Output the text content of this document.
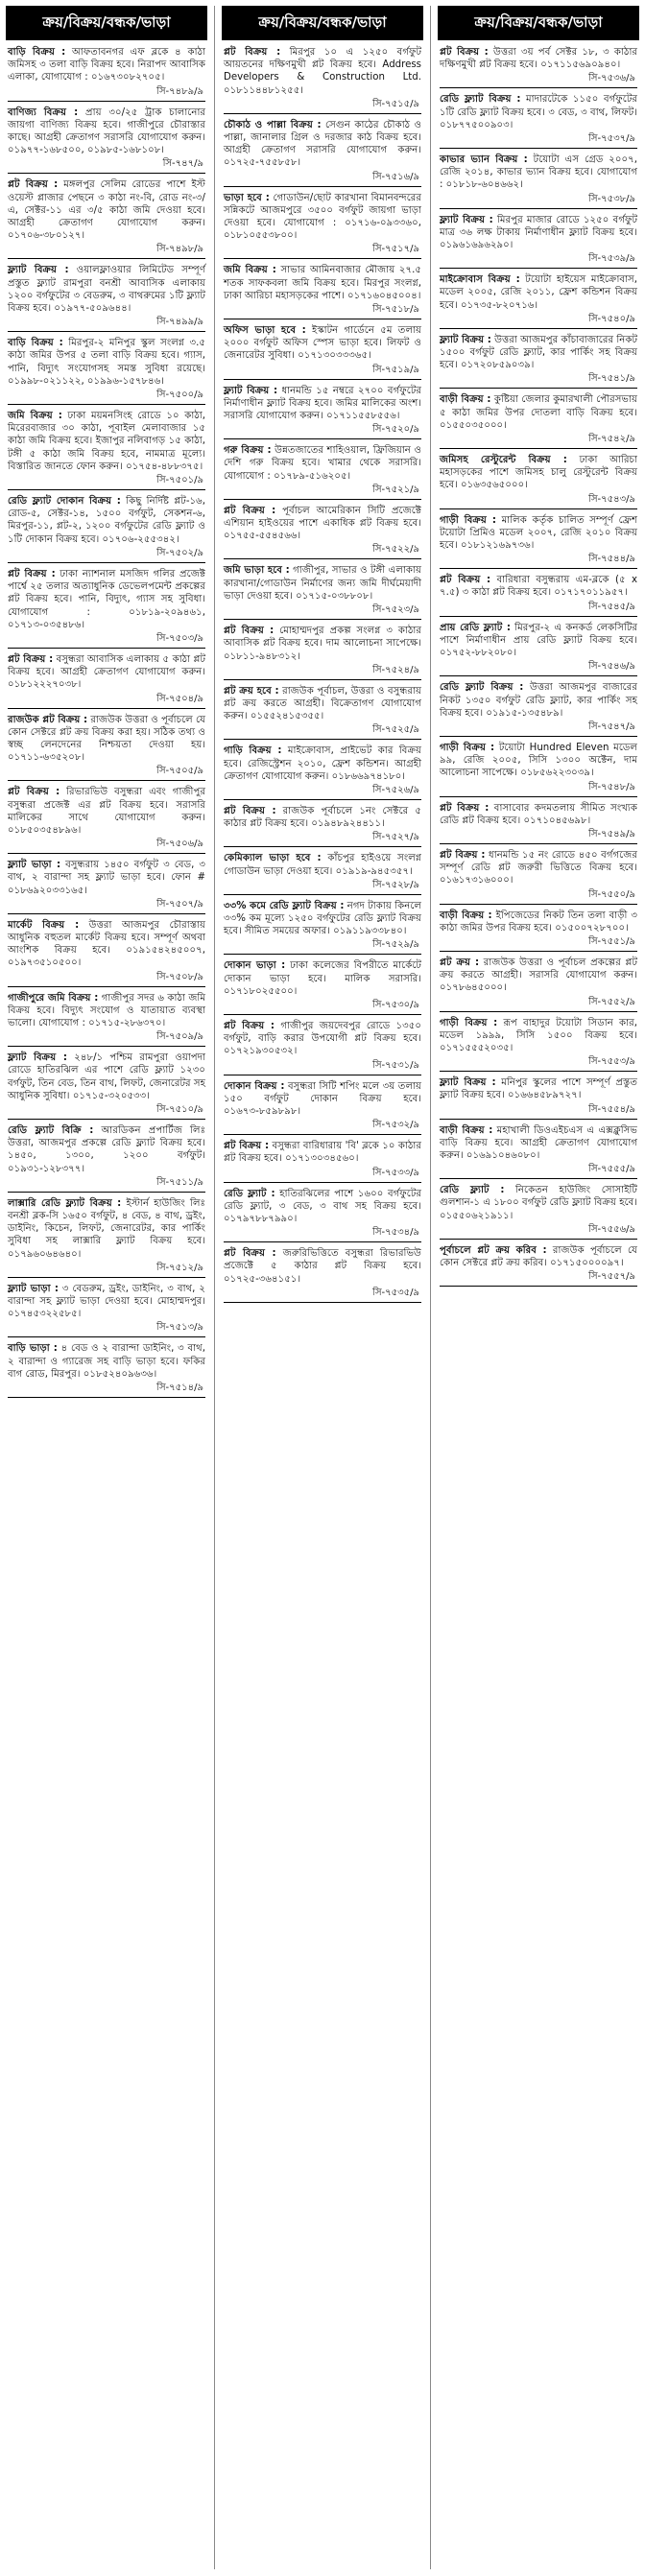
ক্রয়/বিক্রয়/বন্ধক/ভাড়া
বাড়ি বিক্রয় : আফতাবনগর এফ ব্লকে ৪ কাঠা জমিসহ ৩ তলা বাড়ি বিক্রয় হবে। নিরাপদ আবাসিক এলাকা, যোগাযোগ : ০১৬৭৩০৮২৭০৫।
সি-৭৪৮৯/৯
বাণিজ্য বিক্রয় : প্রায় ৩০/২৫ ট্রাক চালানোর জায়গা বাণিজ্য বিক্রয় হবে। গাজীপুরে চৌরাস্তার কাছে। আগ্রহী ক্রেতাগণ সরাসরি যোগাযোগ করুন। ০১৯৭৭-১৬৮৫০০, ০১৯৮৫-১৬৮১০৮।
সি-৭৪৭/৯
প্লট বিক্রয় : মঙ্গলপুর সেলিম রোডের পাশে ইস্ট ওয়েস্ট প্লাজার পেছনে ৩ কাঠা নং-বি, রোড নং-৩/এ, সেক্টর-১১ এর ৩/৫ কাঠা জমি দেওয়া হবে। আগ্রহী ক্রেতাগণ যোগাযোগ করুন। ০১৭০৬-৩৮০১২৭।
সি-৭৪৯৮/৯
ফ্ল্যাট বিক্রয় : ওয়ালফ্লাওয়ার লিমিটেড সম্পূর্ণ প্রস্তুত ফ্ল্যাট রামপুরা বনশ্রী আবাসিক এলাকায় ১২০০ বর্গফুটের ৩ বেডরুম, ৩ বাথরুমের ১টি ফ্ল্যাট বিক্রয় হবে। ০১৯৭৭-৫০৯৬৪৪।
সি-৭৪৯৯/৯
বাড়ি বিক্রয় : মিরপুর-২ মনিপুর স্কুল সংলগ্ন ৩.৫ কাঠা জমির উপর ৫ তলা বাড়ি বিক্রয় হবে। গ্যাস, পানি, বিদ্যুৎ সংযোগসহ সমস্ত সুবিধা রয়েছে। ০১৯৯৮-০২১১২২, ০১৯৯৬-১৫৭৮৪৬।
সি-৭৫০০/৯
জমি বিক্রয় : ঢাকা ময়মনসিংহ রোডে ১০ কাঠা, মিরেরবাজার ৩০ কাঠা, পূবাইল মেলাবাজার ১৫ কাঠা জমি বিক্রয় হবে। ইজাপুর নলিবাগড় ১৫ কাঠা, টঙ্গী ৫ কাঠা জমি বিক্রয় হবে, নামমাত্র মূল্যে। বিস্তারিত জানতে ফোন করুন। ০১৭৫৪-৪৮৮৩৭৫।
সি-৭৫০১/৯
রেডি ফ্ল্যাট দোকান বিক্রয় : কিছু নির্দিষ্ট প্লট-১৬, রোড-৫, সেক্টর-১৪, ১৫০০ বর্গফুট, সেকশন-৬, মিরপুর-১১, প্লট-২, ১২০০ বর্গফুটের রেডি ফ্ল্যাট ও ১টি দোকান বিক্রয় হবে। ০১৭০৬-২৫৫৩৪২।
সি-৭৫০২/৯
প্লট বিক্রয় : ঢাকা ন্যাশনাল মসজিদ গলির প্রজেক্ট পার্শ্বে ২৫ তলার অত্যাধুনিক ডেভেলপমেন্ট প্রকল্পের প্লট বিক্রয় হবে। পানি, বিদ্যুৎ, গ্যাস সহ সুবিধা। যোগাযোগ : ০১৮১৯-২০৯৪৬১, ০১৭১৩-০৩৫৪৮৬।
সি-৭৫০৩/৯
প্লট বিক্রয় : বসুন্ধরা আবাসিক এলাকায় ৫ কাঠা প্লট বিক্রয় হবে। আগ্রহী ক্রেতাগণ যোগাযোগ করুন। ০১৮১২২২৭০৩৮।
সি-৭৫০৪/৯
রাজউক প্লট বিক্রয় : রাজউক উত্তরা ও পূর্বাচলে যে কোন সেক্টরে প্লট ক্রয় বিক্রয় করা হয়। সঠিক তথ্য ও স্বচ্ছ লেনদেনের নিশ্চয়তা দেওয়া হয়। ০১৭১১-৬৩৫২০৮।
সি-৭৫০৫/৯
প্লট বিক্রয় : রিভারভিউ বসুন্ধরা এবং গাজীপুর বসুন্ধরা প্রজেক্ট এর প্লট বিক্রয় হবে। সরাসরি মালিকের সাথে যোগাযোগ করুন। ০১৮৫০৩৫৪৮৯৬।
সি-৭৫০৬/৯
ফ্ল্যাট ভাড়া : বসুন্ধরায় ১৪৫০ বর্গফুট ৩ বেড, ৩ বাথ, ২ বারান্দা সহ ফ্ল্যাট ভাড়া হবে। ফোন # ০১৮৬৯২০৩৩১৬৫।
সি-৭৫০৭/৯
মার্কেট বিক্রয় : উত্তরা আজমপুর চৌরাস্তায় আধুনিক বহুতল মার্কেট বিক্রয় হবে। সম্পূর্ণ অথবা আংশিক বিক্রয় হবে। ০১৯১৫৪২৪৫০০৭, ০১৯৭৩৫১০৫০০।
সি-৭৫০৮/৯
গাজীপুরে জমি বিক্রয় : গাজীপুর সদর ৬ কাঠা জমি বিক্রয় হবে। বিদ্যুৎ সংযোগ ও যাতায়াত ব্যবস্থা ভালো। যোগাযোগ : ০১৭১৫-২৮৬৩৭০।
সি-৭৫০৯/৯
ফ্ল্যাট বিক্রয় : ২৪৮/১ পশ্চিম রামপুরা ওয়াপদা রোডে হাতিরঝিল এর পাশে রেডি ফ্ল্যাট ১২৩০ বর্গফুট, তিন বেড, তিন বাথ, লিফট, জেনারেটর সহ আধুনিক সুবিধা। ০১৭১৫-৩২০৫৩৩।
সি-৭৫১০/৯
রেডি ফ্ল্যাট বিক্রি : আরডিকন প্রপার্টিজ লিঃ উত্তরা, আজমপুর প্রকল্পে রেডি ফ্ল্যাট বিক্রয় হবে। ১৪৫০, ১৩০০, ১২০০ বর্গফুট। ০১৯৩১-১২৮৩৭৭।
সি-৭৫১১/৯
লাক্সারি রেডি ফ্ল্যাট বিক্রয় : ইস্টার্ন হাউজিং লিঃ বনশ্রী ব্লক-সি ১৬৫০ বর্গফুট, ৪ বেড, ৪ বাথ, ড্রইং, ডাইনিং, কিচেন, লিফট, জেনারেটর, কার পার্কিং সুবিধা সহ লাক্সারি ফ্ল্যাট বিক্রয় হবে। ০১৭৯৬০৬৪৬৪০।
সি-৭৫১২/৯
ফ্ল্যাট ভাড়া : ৩ বেডরুম, ড্রইং, ডাইনিং, ৩ বাথ, ২ বারান্দা সহ ফ্ল্যাট ভাড়া দেওয়া হবে। মোহাম্মদপুর। ০১৭৪৫৩২২৫৮৫।
সি-৭৫১৩/৯
বাড়ি ভাড়া : ৪ বেড ও ২ বারান্দা ডাইনিং, ৩ বাথ, ২ বারান্দা ও গ্যারেজ সহ বাড়ি ভাড়া হবে। ফকির বাগ রোড, মিরপুর। ০১৮৫২৪০৯৬৩৬।
সি-৭৫১৪/৯
ক্রয়/বিক্রয়/বন্ধক/ভাড়া
প্লট বিক্রয় : মিরপুর ১০ এ ১২৫০ বর্গফুট আয়তনের দক্ষিণমুখী প্লট বিক্রয় হবে। Address Developers & Construction Ltd. ০১৮১১৪৪৮১২৫৫।
সি-৭৫১৫/৯
চৌকাঠ ও পাল্লা বিক্রয় : সেগুন কাঠের চৌকাঠ ও পাল্লা, জানালার গ্রিল ও দরজার কাঠ বিক্রয় হবে। আগ্রহী ক্রেতাগণ সরাসরি যোগাযোগ করুন। ০১৭২৫-৭৫৫৮৫৮।
সি-৭৫১৬/৯
ভাড়া হবে : গোডাউন/ছোট কারখানা বিমানবন্দরের সন্নিকটে আজমপুরে ৩৫০০ বর্গফুট জায়গা ভাড়া দেওয়া হবে। যোগাযোগ : ০১৭১৬-০৯৩৩৬০, ০১৮১০৫৫৩৮০০।
সি-৭৫১৭/৯
জমি বিক্রয় : সাভার আমিনবাজার মৌজায় ২৭.৫ শতক সাফকবলা জমি বিক্রয় হবে। মিরপুর সংলগ্ন, ঢাকা আরিচা মহাসড়কের পাশে। ০১৭১৬০৪৫০০৪।
সি-৭৫১৮/৯
অফিস ভাড়া হবে : ইস্কাটন গার্ডেনে ৫ম তলায় ২০০০ বর্গফুট অফিস স্পেস ভাড়া হবে। লিফট ও জেনারেটর সুবিধা। ০১৭১৩০৩৩৩৬৫।
সি-৭৫১৯/৯
ফ্ল্যাট বিক্রয় : ধানমন্ডি ১৫ নম্বরে ২৭০০ বর্গফুটের নির্মাণাধীন ফ্ল্যাট বিক্রয় হবে। জমির মালিকের অংশ। সরাসরি যোগাযোগ করুন। ০১৭১১৫৫৮৫৫৬।
সি-৭৫২০/৯
গরু বিক্রয় : উন্নতজাতের শাহিওয়াল, ফ্রিজিয়ান ও দেশি গরু বিক্রয় হবে। খামার থেকে সরাসরি। যোগাযোগ : ০১৭৮৯-৫১৬২০৫।
সি-৭৫২১/৯
প্লট বিক্রয় : পূর্বাচল আমেরিকান সিটি প্রজেক্টে এশিয়ান হাইওয়ের পাশে একাধিক প্লট বিক্রয় হবে। ০১৭৫৫-৫৫৪৫৬৬।
সি-৭৫২২/৯
জমি ভাড়া হবে : গাজীপুর, সাভার ও টঙ্গী এলাকায় কারখানা/গোডাউন নির্মাণের জন্য জমি দীর্ঘমেয়াদী ভাড়া দেওয়া হবে। ০১৭১৫-০৩৮৮০৮।
সি-৭৫২৩/৯
প্লট বিক্রয় : মোহাম্মদপুর প্রকল্প সংলগ্ন ৩ কাঠার আবাসিক প্লট বিক্রয় হবে। দাম আলোচনা সাপেক্ষে। ০১৮১১-৯৪৮৩১২।
সি-৭৫২৪/৯
প্লট ক্রয় হবে : রাজউক পূর্বাচল, উত্তরা ও বসুন্ধরায় প্লট ক্রয় করতে আগ্রহী। বিক্রেতাগণ যোগাযোগ করুন। ০১৫৫২৪১৫৩৫৫।
সি-৭৫২৫/৯
গাড়ি বিক্রয় : মাইক্রোবাস, প্রাইভেট কার বিক্রয় হবে। রেজিস্ট্রেশন ২০১০, ফ্রেশ কন্ডিশন। আগ্রহী ক্রেতাগণ যোগাযোগ করুন। ০১৮৬৬৯৭৪১৮০।
সি-৭৫২৬/৯
প্লট বিক্রয় : রাজউক পূর্বাচলে ১নং সেক্টরে ৫ কাঠার প্লট বিক্রয় হবে। ০১৯৪৮৯২৪৪১১।
সি-৭৫২৭/৯
কেমিক্যাল ভাড়া হবে : কাঁচপুর হাইওয়ে সংলগ্ন গোডাউন ভাড়া দেওয়া হবে। ০১৯১৯-৯৪৫৩৫৭।
সি-৭৫২৮/৯
৩৩% কমে রেডি ফ্ল্যাট বিক্রয় : নগদ টাকায় কিনলে ৩৩% কম মূল্যে ১২৫০ বর্গফুটের রেডি ফ্ল্যাট বিক্রয় হবে। সীমিত সময়ের অফার। ০১৯১১৯৩৩৮৪০।
সি-৭৫২৯/৯
দোকান ভাড়া : ঢাকা কলেজের বিপরীতে মার্কেটে দোকান ভাড়া হবে। মালিক সরাসরি। ০১৭১৮০২৫৫০০।
সি-৭৫৩০/৯
প্লট বিক্রয় : গাজীপুর জয়দেবপুর রোডে ১৩৫০ বর্গফুট, বাড়ি করার উপযোগী প্লট বিক্রয় হবে। ০১৭২১৯৩০৫৩২।
সি-৭৫৩১/৯
দোকান বিক্রয় : বসুন্ধরা সিটি শপিং মলে ৩য় তলায় ১৫০ বর্গফুট দোকান বিক্রয় হবে। ০১৬৭৩-৮৫৯৮৯৮।
সি-৭৫৩২/৯
প্লট বিক্রয় : বসুন্ধরা বারিধারায় 'বি' ব্লকে ১০ কাঠার প্লট বিক্রয় হবে। ০১৭১৩০৩৪৫৬০।
সি-৭৫৩৩/৯
রেডি ফ্ল্যাট : হাতিরঝিলের পাশে ১৬০০ বর্গফুটের রেডি ফ্ল্যাট, ৩ বেড, ৩ বাথ সহ বিক্রয় হবে। ০১৭৯৭৮৮৭৯৯০।
সি-৭৫৩৪/৯
প্লট বিক্রয় : জরুরিভিত্তিতে বসুন্ধরা রিভারভিউ প্রজেক্টে ৫ কাঠার প্লট বিক্রয় হবে। ০১৭২৫-৩৬৪১৫১।
সি-৭৫৩৫/৯
ক্রয়/বিক্রয়/বন্ধক/ভাড়া
প্লট বিক্রয় : উত্তরা ৩য় পর্ব সেক্টর ১৮, ৩ কাঠার দক্ষিণমুখী প্লট বিক্রয় হবে। ০১৭১১৫৬৯০৯৪০।
সি-৭৫৩৬/৯
রেডি ফ্ল্যাট বিক্রয় : মাদারটেকে ১১৫০ বর্গফুটের ১টি রেডি ফ্ল্যাট বিক্রয় হবে। ৩ বেড, ৩ বাথ, লিফট। ০১৮৭৭৫০০৯০৩।
সি-৭৫৩৭/৯
কাভার ভ্যান বিক্রয় : টয়োটা এস গ্রেড ২০০৭, রেজি ২০১৪, কাভার ভ্যান বিক্রয় হবে। যোগাযোগ : ০১৮১৮-৬০৪৬৬২।
সি-৭৫৩৮/৯
ফ্ল্যাট বিক্রয় : মিরপুর মাজার রোডে ১২৫০ বর্গফুট মাত্র ৩৬ লক্ষ টাকায় নির্মাণাধীন ফ্ল্যাট বিক্রয় হবে। ০১৯৬১৬৯৬২৯০।
সি-৭৫৩৯/৯
মাইক্রোবাস বিক্রয় : টয়োটা হাইয়েস মাইক্রোবাস, মডেল ২০০৫, রেজি ২০১১, ফ্রেশ কন্ডিশন বিক্রয় হবে। ০১৭৩৫-৮২০৭১৬।
সি-৭৫৪০/৯
ফ্ল্যাট বিক্রয় : উত্তরা আজমপুর কাঁচাবাজারের নিকট ১৫০০ বর্গফুট রেডি ফ্ল্যাট, কার পার্কিং সহ বিক্রয় হবে। ০১৭২০৮৫৯০৩৯।
সি-৭৫৪১/৯
বাড়ী বিক্রয় : কুষ্টিয়া জেলার কুমারখালী পৌরসভায় ৫ কাঠা জমির উপর দোতলা বাড়ি বিক্রয় হবে। ০১৫৫০৩৫০০০।
সি-৭৫৪২/৯
জমিসহ রেস্টুরেন্ট বিক্রয় : ঢাকা আরিচা মহাসড়কের পাশে জমিসহ চালু রেস্টুরেন্ট বিক্রয় হবে। ০১৬৩৫৬৫০০০।
সি-৭৫৪৩/৯
গাড়ী বিক্রয় : মালিক কর্তৃক চালিত সম্পূর্ণ ফ্রেশ টয়োটা প্রিমিও মডেল ২০০৭, রেজি ২০১০ বিক্রয় হবে। ০১৮১২১৬৯৭৩৬।
সি-৭৫৪৪/৯
প্লট বিক্রয় : বারিধারা বসুন্ধরায় এম-ব্লকে (৫ x ৭.৫) ৩ কাঠা প্লট বিক্রয় হবে। ০১৭১৭০১১৯৫৭।
সি-৭৫৪৫/৯
প্রায় রেডি ফ্ল্যাট : মিরপুর-২ এ কনকর্ড লেকসিটির পাশে নির্মাণাধীন প্রায় রেডি ফ্ল্যাট বিক্রয় হবে। ০১৭৫২-৮৮২০৮০।
সি-৭৫৪৬/৯
রেডি ফ্ল্যাট বিক্রয় : উত্তরা আজমপুর বাজারের নিকট ১৩৫০ বর্গফুট রেডি ফ্ল্যাট, কার পার্কিং সহ বিক্রয় হবে। ০১৯১৫-১৩৫৪৮৯।
সি-৭৫৪৭/৯
গাড়ী বিক্রয় : টয়োটা Hundred Eleven মডেল ৯৯, রেজি ২০০৫, সিসি ১৩০০ অক্টেন, দাম আলোচনা সাপেক্ষে। ০১৮৫৬২২৩০৩৯।
সি-৭৫৪৮/৯
প্লট বিক্রয় : বাসাবোর কদমতলায় সীমিত সংখ্যক রেডি প্লট বিক্রয় হবে। ০১৭১০৪৫৬৯৮।
সি-৭৫৪৯/৯
প্লট বিক্রয় : ধানমন্ডি ১৫ নং রোডে ৪৫০ বর্গগজের সম্পূর্ণ রেডি প্লট জরুরী ভিত্তিতে বিক্রয় হবে। ০১৬১৭৩১৬০০০।
সি-৭৫৫০/৯
বাড়ী বিক্রয় : ইপিজেডের নিকট তিন তলা বাড়ী ৩ কাঠা জমির উপর বিক্রয় হবে। ০১৫০০৭২৮৭০০।
সি-৭৫৫১/৯
প্লট ক্রয় : রাজউক উত্তরা ও পূর্বাচল প্রকল্পের প্লট ক্রয় করতে আগ্রহী। সরাসরি যোগাযোগ করুন। ০১৭৮৬৪৫০০০।
সি-৭৫৫২/৯
গাড়ী বিক্রয় : রূপ বাহাদুর টয়োটা সিডান কার, মডেল ১৯৯৯, সিসি ১৫০০ বিক্রয় হবে। ০১৭১৫৫৫২০৩৫।
সি-৭৫৫৩/৯
ফ্ল্যাট বিক্রয় : মনিপুর স্কুলের পাশে সম্পূর্ণ প্রস্তুত ফ্ল্যাট বিক্রয় হবে। ০১৬৬৪৫৮৯৭২৭।
সি-৭৫৫৪/৯
বাড়ী বিক্রয় : মহাখালী ডিওএইচএস এ এক্সক্লুসিভ বাড়ি বিক্রয় হবে। আগ্রহী ক্রেতাগণ যোগাযোগ করুন। ০১৬৯১০৪৬০৮০।
সি-৭৫৫৫/৯
রেডি ফ্ল্যাট : নিকেতন হাউজিং সোসাইটি গুলশান-১ এ ১৮০০ বর্গফুট রেডি ফ্ল্যাট বিক্রয় হবে। ০১৫৫০৬২১৯১১।
সি-৭৫৫৬/৯
পূর্বাচলে প্লট ক্রয় করিব : রাজউক পূর্বাচলে যে কোন সেক্টরে প্লট ক্রয় করিব। ০১৭১৫০০০০৯৭।
সি-৭৫৫৭/৯
